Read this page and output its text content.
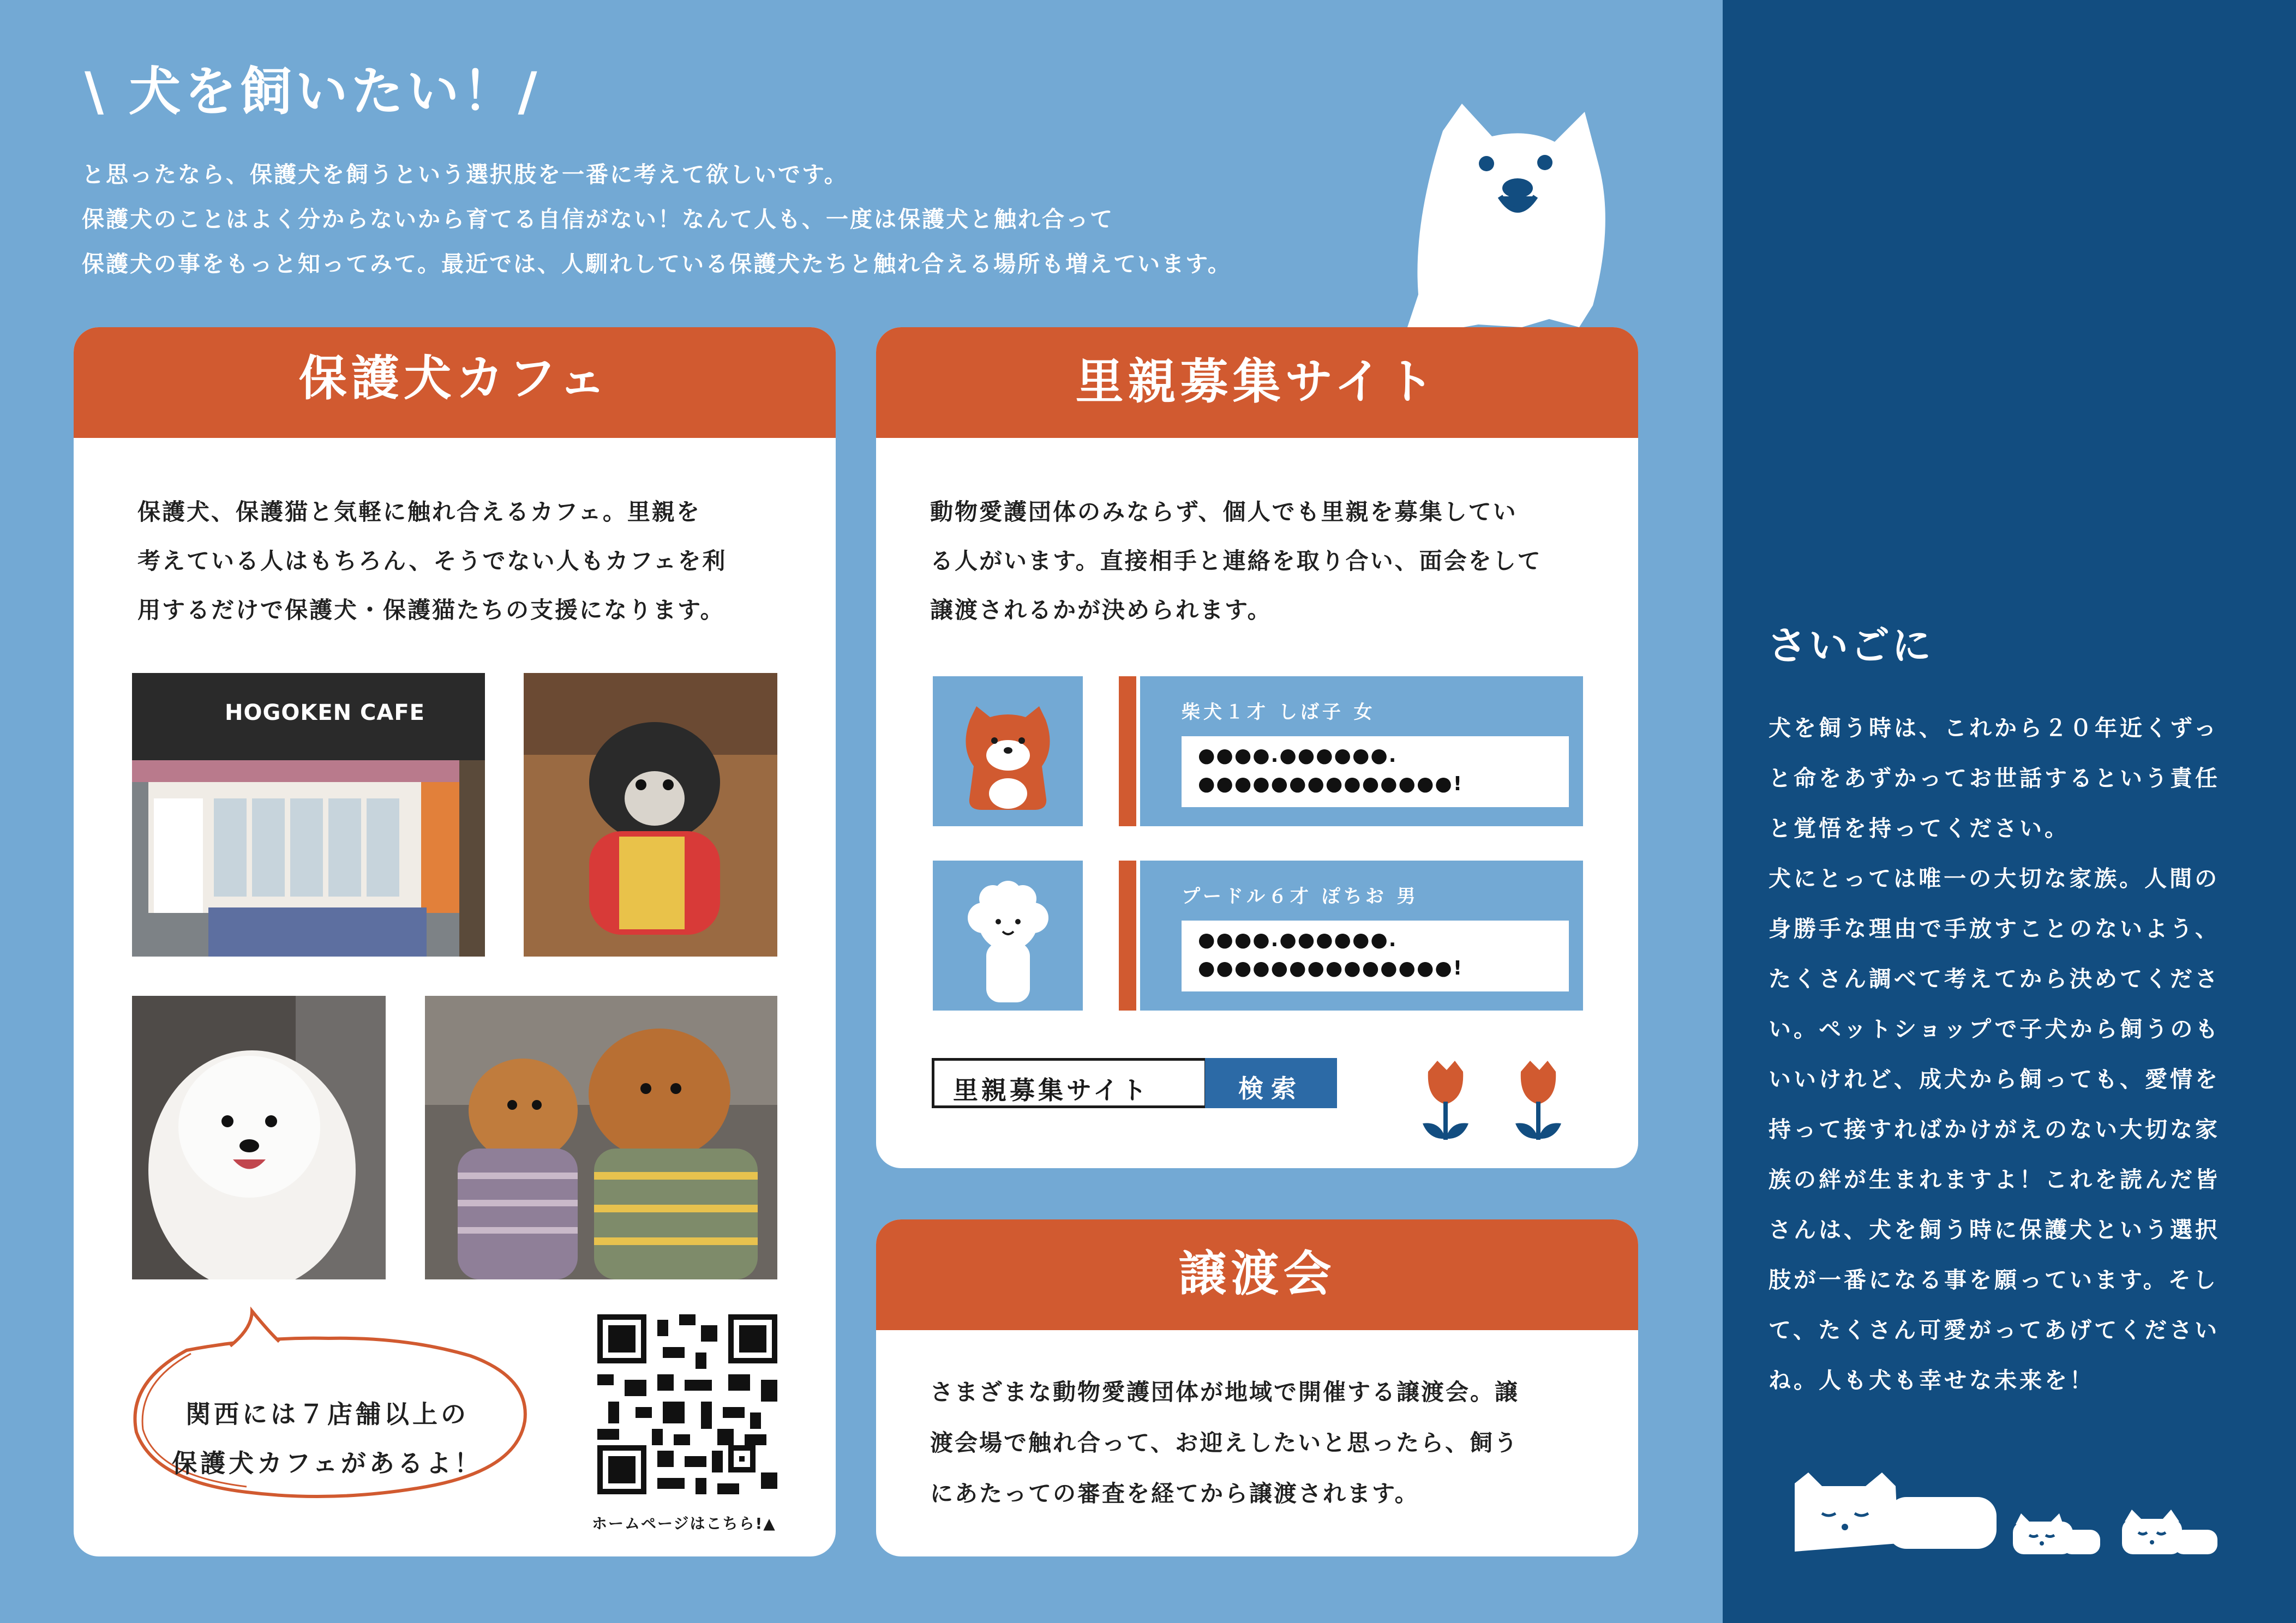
\ 犬を飼いたい！/
と思ったなら、保護犬を飼うという選択肢を一番に考えて欲しいです。
保護犬のことはよく分からないから育てる自信がない！なんて人も、一度は保護犬と触れ合って
保護犬の事をもっと知ってみて。最近では、人馴れしている保護犬たちと触れ合える場所も増えています。
保護犬カフェ
保護犬、保護猫と気軽に触れ合えるカフェ。里親を
考えている人はもちろん、そうでない人もカフェを利
用するだけで保護犬・保護猫たちの支援になります。
HOGOKEN CAFE
関西には７店舗以上の
保護犬カフェがあるよ！
ホームページはこちら!▲
里親募集サイト
動物愛護団体のみならず、個人でも里親を募集してい
る人がいます。直接相手と連絡を取り合い、面会をして
譲渡されるかが決められます。
柴犬１才 しば子 女
●●●●.●●●●●●.
●●●●●●●●●●●●●●!
プードル６才 ぽちお 男
●●●●.●●●●●●.
●●●●●●●●●●●●●●!
里親募集サイト	検索
譲渡会
さまざまな動物愛護団体が地域で開催する譲渡会。譲
渡会場で触れ合って、お迎えしたいと思ったら、飼う
にあたっての審査を経てから譲渡されます。
さいごに
犬を飼う時は、これから２０年近くずっ
と命をあずかってお世話するという責任
と覚悟を持ってください。
犬にとっては唯一の大切な家族。人間の
身勝手な理由で手放すことのないよう、
たくさん調べて考えてから決めてくださ
い。ペットショップで子犬から飼うのも
いいけれど、成犬から飼っても、愛情を
持って接すればかけがえのない大切な家
族の絆が生まれますよ！これを読んだ皆
さんは、犬を飼う時に保護犬という選択
肢が一番になる事を願っています。そし
て、たくさん可愛がってあげてください
ね。人も犬も幸せな未来を！
